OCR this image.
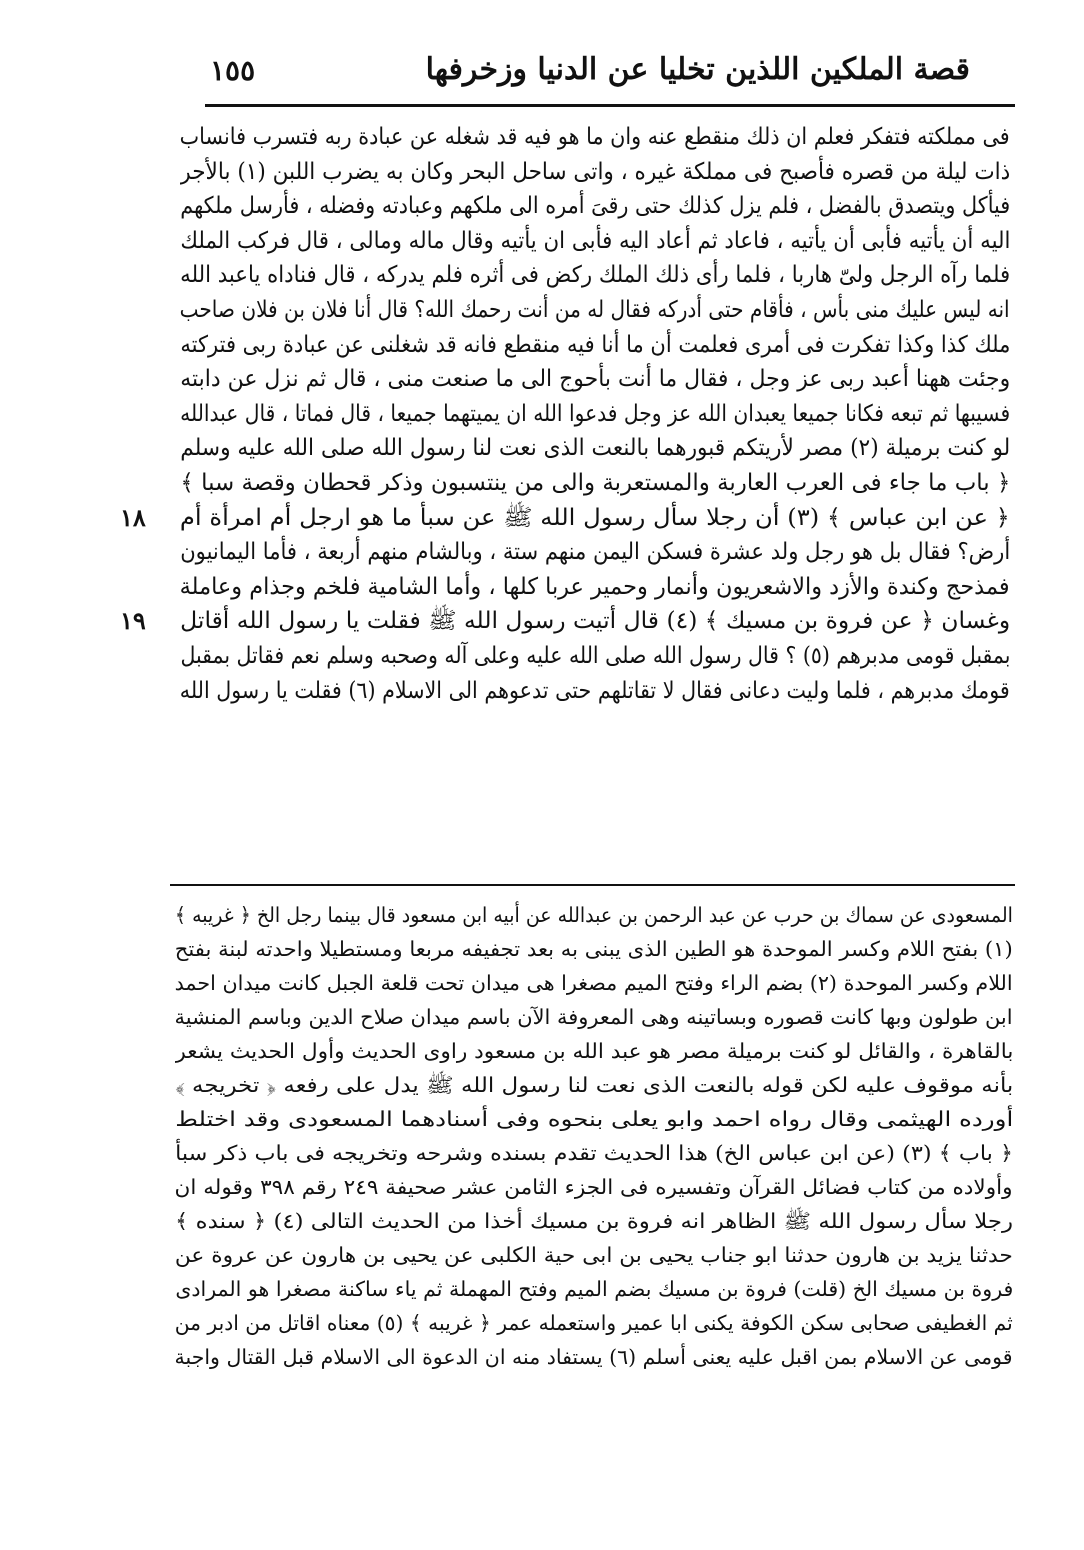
قصة الملكين اللذين تخليا عن الدنيا وزخرفها
١٥٥
فى مملكته فتفكر فعلم ان ذلك منقطع عنه وان ما هو فيه قد شغله عن عبادة ربه فتسرب فانساب
ذات ليلة من قصره فأصبح فى مملكة غيره ، واتى ساحل البحر وكان به يضرب اللبن (١) بالأجر
فيأكل ويتصدق بالفضل ، فلم يزل كذلك حتى رقىَ أمره الى ملكهم وعبادته وفضله ، فأرسل ملكهم
اليه أن يأتيه فأبى أن يأتيه ، فاعاد ثم أعاد اليه فأبى ان يأتيه وقال ماله ومالى ، قال فركب الملك
فلما رآه الرجل ولىّ هاربا ، فلما رأى ذلك الملك ركض فى أثره فلم يدركه ، قال فناداه ياعبد الله
انه ليس عليك منى بأس ، فأقام حتى أدركه فقال له من أنت رحمك الله؟ قال أنا فلان بن فلان صاحب
ملك كذا وكذا تفكرت فى أمرى فعلمت أن ما أنا فيه منقطع فانه قد شغلنى عن عبادة ربى فتركته
وجئت ههنا أعبد ربى عز وجل ، فقال ما أنت بأحوج الى ما صنعت منى ، قال ثم نزل عن دابته
فسيبها ثم تبعه فكانا جميعا يعبدان الله عز وجل فدعوا الله ان يميتهما جميعا ، قال فماتا ، قال عبدالله
لو كنت برميلة (٢) مصر لأريتكم قبورهما بالنعت الذى نعت لنا رسول الله صلى الله عليه وسلم
﴿ باب ما جاء فى العرب العاربة والمستعربة والى من ينتسبون وذكر قحطان وقصة سبا ﴾
﴿ عن ابن عباس ﴾ (٣) أن رجلا سأل رسول الله ﷺ عن سبأ ما هو ارجل أم امرأة أم
أرض؟ فقال بل هو رجل ولد عشرة فسكن اليمن منهم ستة ، وبالشام منهم أربعة ، فأما اليمانيون
فمذحج وكندة والأزد والاشعريون وأنمار وحمير عربا كلها ، وأما الشامية فلخم وجذام وعاملة
وغسان ﴿ عن فروة بن مسيك ﴾ (٤) قال أتيت رسول الله ﷺ فقلت يا رسول الله أقاتل
بمقبل قومى مدبرهم (٥) ؟ قال رسول الله صلى الله عليه وعلى آله وصحبه وسلم نعم فقاتل بمقبل
قومك مدبرهم ، فلما وليت دعانى فقال لا تقاتلهم حتى تدعوهم الى الاسلام (٦) فقلت يا رسول الله
المسعودى عن سماك بن حرب عن عبد الرحمن بن عبدالله عن أبيه ابن مسعود قال بينما رجل الخ ﴿ غريبه ﴾
(١) بفتح اللام وكسر الموحدة هو الطين الذى يبنى به بعد تجفيفه مربعا ومستطيلا واحدته لبنة بفتح
اللام وكسر الموحدة (٢) بضم الراء وفتح الميم مصغرا هى ميدان تحت قلعة الجبل كانت ميدان احمد
ابن طولون وبها كانت قصوره وبساتينه وهى المعروفة الآن باسم ميدان صلاح الدين وباسم المنشية
بالقاهرة ، والقائل لو كنت برميلة مصر هو عبد الله بن مسعود راوى الحديث وأول الحديث يشعر
بأنه موقوف عليه لكن قوله بالنعت الذى نعت لنا رسول الله ﷺ يدل على رفعه ﴿ تخريجه ﴾
أورده الهيثمى وقال رواه احمد وابو يعلى بنحوه وفى أسنادهما المسعودى وقد اختلط
﴿ باب ﴾ (٣) (عن ابن عباس الخ) هذا الحديث تقدم بسنده وشرحه وتخريجه فى باب ذكر سبأ
وأولاده من كتاب فضائل القرآن وتفسيره فى الجزء الثامن عشر صحيفة ٢٤٩ رقم ٣٩٨ وقوله ان
رجلا سأل رسول الله ﷺ الظاهر انه فروة بن مسيك أخذا من الحديث التالى (٤) ﴿ سنده ﴾
حدثنا يزيد بن هارون حدثنا ابو جناب يحيى بن ابى حية الكلبى عن يحيى بن هارون عن عروة عن
فروة بن مسيك الخ (قلت) فروة بن مسيك بضم الميم وفتح المهملة ثم ياء ساكنة مصغرا هو المرادى
ثم الغطيفى صحابى سكن الكوفة يكنى ابا عمير واستعمله عمر ﴿ غريبه ﴾ (٥) معناه اقاتل من ادبر من
قومى عن الاسلام بمن اقبل عليه يعنى أسلم (٦) يستفاد منه ان الدعوة الى الاسلام قبل القتال واجبة
١٨
١٩
